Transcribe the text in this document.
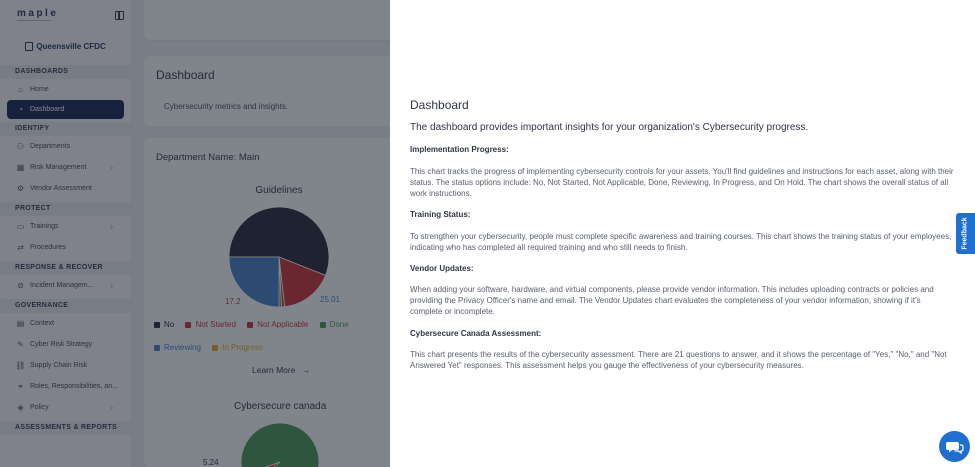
Dashboard
The dashboard provides important insights for your organization's Cybersecurity progress.
Implementation Progress:
This chart tracks the progress of implementing cybersecurity controls for your assets. You'll find guidelines and instructions for each asset, along with their status. The status options include: No, Not Started, Not Applicable, Done, Reviewing, In Progress, and On Hold. The chart shows the overall status of all work instructions.
Training Status:
To strengthen your cybersecurity, people must complete specific awareness and training courses. This chart shows the training status of your employees, indicating who has completed all required training and who still needs to finish.
Vendor Updates:
When adding your software, hardware, and virtual components, please provide vendor information. This includes uploading contracts or policies and providing the Privacy Officer's name and email. The Vendor Updates chart evaluates the completeness of your vendor information, showing if it's complete or incomplete.
Cybersecure Canada Assessment:
This chart presents the results of the cybersecurity assessment. There are 21 questions to answer, and it shows the percentage of "Yes," "No," and "Not Answered Yet" responses. This assessment helps you gauge the effectiveness of your cybersecurity measures.
Feedback
